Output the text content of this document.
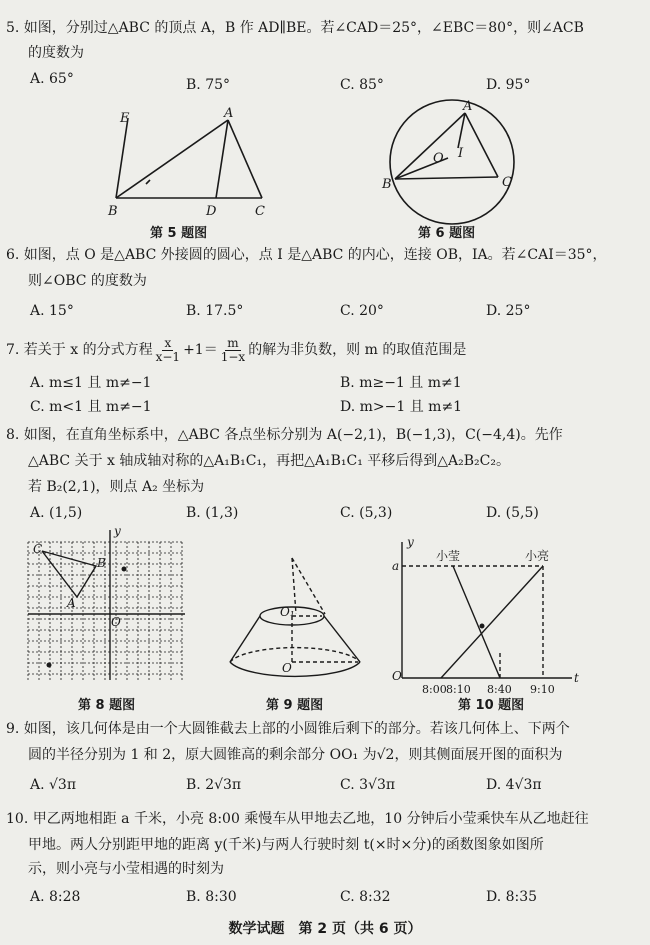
5. 如图，分别过△ABC 的顶点 A，B 作 AD∥BE。若∠CAD＝25°，∠EBC＝80°，则∠ACB
的度数为
A. 65°	B. 75°	C. 85°	D. 95°
E	A
B	D	C
A
B	C
O I
y
C
B
A
O
O₁
O
y
a
小莹	小亮
O	t
8:00 8:10 8:40 9:10
第 5 题图	第 6 题图
6. 如图，点 O 是△ABC 外接圆的圆心，点 I 是△ABC 的内心，连接 OB，IA。若∠CAI＝35°，
则∠OBC 的度数为
A. 15°	B. 17.5°	C. 20°	D. 25°
7. 若关于 x 的分式方程 $\frac{x}{x-1} +1= \frac{m}{1-x}$ 的解为非负数，则 m 的取值范围是
A. m≤1 且 m≠−1	B. m≥−1 且 m≠1
C. m<1 且 m≠−1	D. m>−1 且 m≠1
8. 如图，在直角坐标系中，△ABC 各点坐标分别为 A(−2,1)，B(−1,3)，C(−4,4)。先作
△ABC 关于 x 轴成轴对称的△A₁B₁C₁，再把△A₁B₁C₁ 平移后得到△A₂B₂C₂。
若 B₂(2,1)，则点 A₂ 坐标为
A. (1,5)	B. (1,3)	C. (5,3)	D. (5,5)
第 8 题图	第 9 题图	第 10 题图
9. 如图，该几何体是由一个大圆锥截去上部的小圆锥后剩下的部分。若该几何体上、下两个
圆的半径分别为 1 和 2，原大圆锥高的剩余部分 OO₁ 为√2，则其侧面展开图的面积为
A. √3π	B. 2√3π	C. 3√3π	D. 4√3π
10. 甲乙两地相距 a 千米，小亮 8:00 乘慢车从甲地去乙地，10 分钟后小莹乘快车从乙地赶往
甲地。两人分别距甲地的距离 y(千米)与两人行驶时刻 t(×时×分)的函数图象如图所
示，则小亮与小莹相遇的时刻为
A. 8:28	B. 8:30	C. 8:32	D. 8:35
数学试题　第 2 页（共 6 页）
